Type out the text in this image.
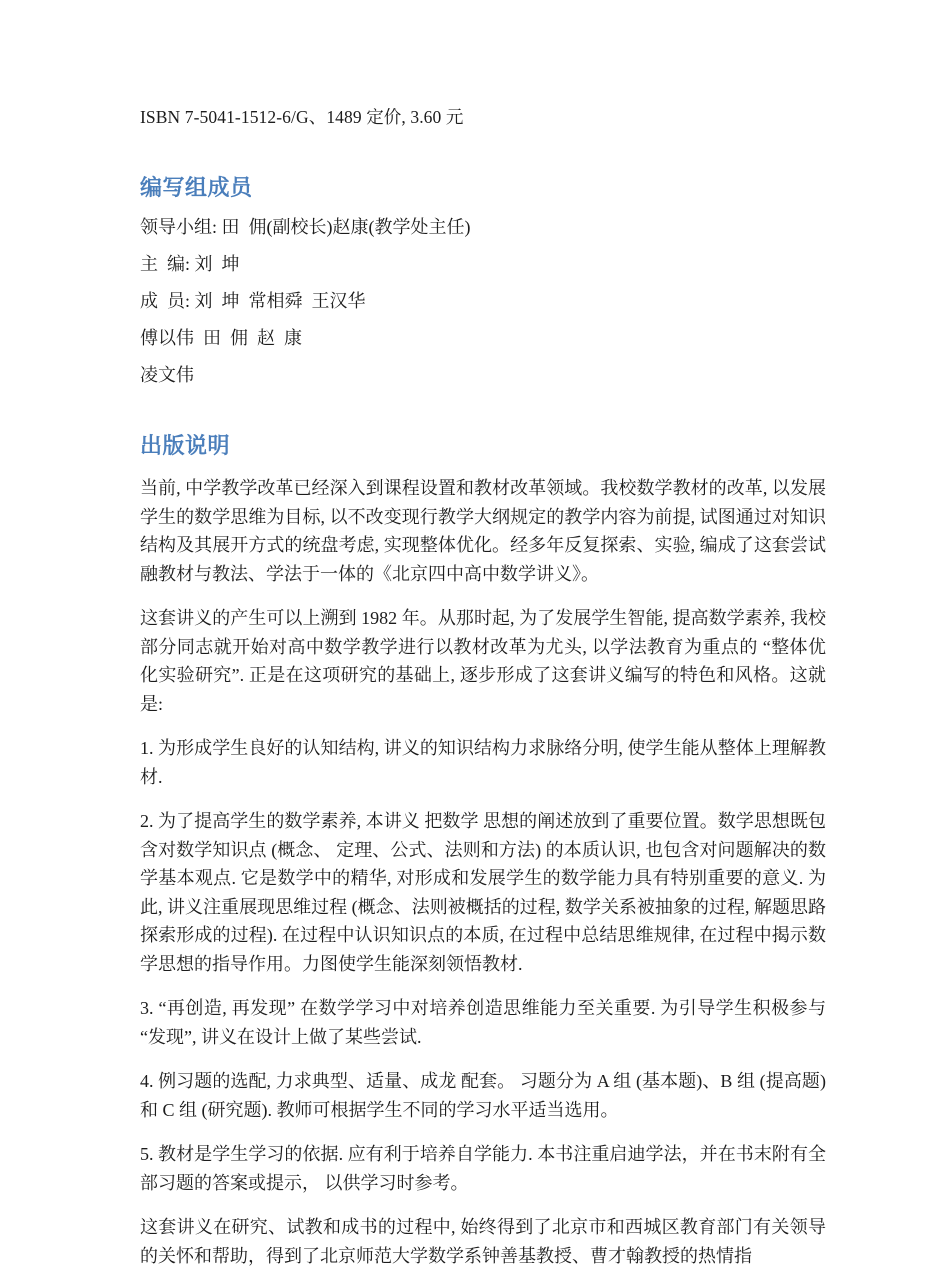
ISBN 7-5041-1512-6/G、1489 定价, 3.60 元

编写组成员

领导小组: 田  佣(副校长)赵康(教学处主任)

主  编: 刘  坤

成  员: 刘  坤  常相舜  王汉华

傅以伟  田  佣  赵  康

凌文伟

出版说明

当前, 中学教学改革已经深入到课程设置和教材改革领域。我校数学教材的改革, 以发展学生的数学思维为目标, 以不改变现行教学大纲规定的教学内容为前提, 试图通过对知识结构及其展开方式的统盘考虑, 实现整体优化。经多年反复探索、实验, 编成了这套尝试融教材与教法、学法于一体的《北京四中高中数学讲义》。

这套讲义的产生可以上溯到 1982 年。从那时起, 为了发展学生智能, 提高数学素养, 我校部分同志就开始对高中数学教学进行以教材改革为尤头, 以学法教育为重点的 “整体优化实验研究”. 正是在这项研究的基础上, 逐步形成了这套讲义编写的特色和风格。这就是:

1. 为形成学生良好的认知结构, 讲义的知识结构力求脉络分明, 使学生能从整体上理解教材.

2. 为了提高学生的数学素养, 本讲义 把数学 思想的阐述放到了重要位置。数学思想既包含对数学知识点 (概念、 定理、公式、法则和方法) 的本质认识, 也包含对问题解决的数学基本观点. 它是数学中的精华, 对形成和发展学生的数学能力具有特别重要的意义. 为此, 讲义注重展现思维过程 (概念、法则被概括的过程, 数学关系被抽象的过程, 解题思路探索形成的过程). 在过程中认识知识点的本质, 在过程中总结思维规律, 在过程中揭示数学思想的指导作用。力图使学生能深刻领悟教材.

3. “再创造, 再发现” 在数学学习中对培养创造思维能力至关重要. 为引导学生积极参与 “发现”, 讲义在设计上做了某些尝试.

4. 例习题的选配, 力求典型、适量、成龙 配套。 习题分为 A 组 (基本题)、B 组 (提高题) 和 C 组 (研究题). 教师可根据学生不同的学习水平适当选用。

5. 教材是学生学习的依据. 应有利于培养自学能力. 本书注重启迪学法，并在书末附有全部习题的答案或提示， 以供学习时参考。

这套讲义在研究、试教和成书的过程中, 始终得到了北京市和西城区教育部门有关领导的关怀和帮助，得到了北京师范大学数学系钟善基教授、曹才翰教授的热情指
